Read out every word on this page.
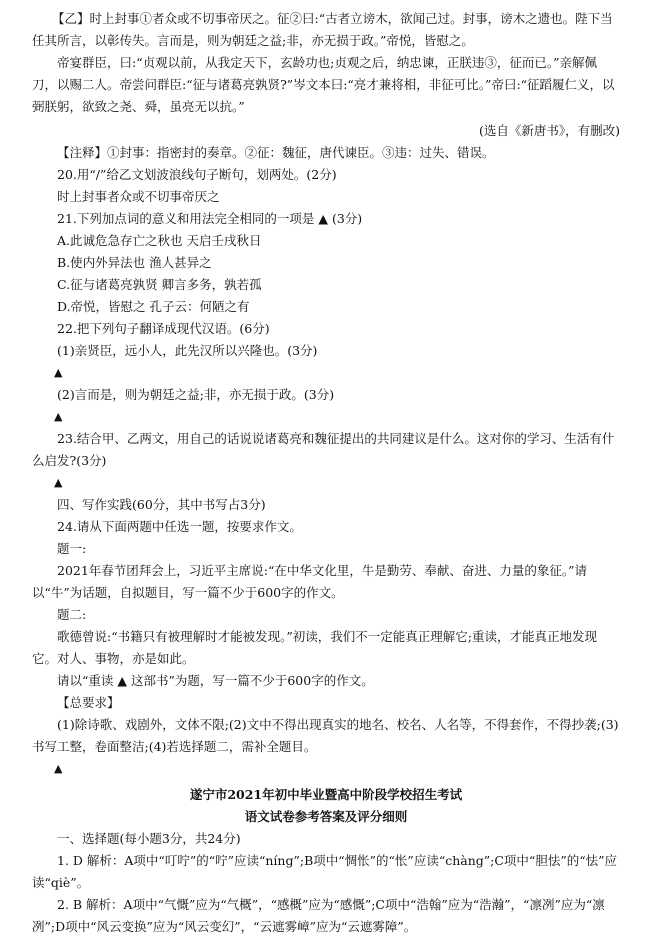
【乙】时上封事①者众或不切事帝厌之。征②曰:“古者立谤木，欲闻己过。封事，谤木之遗也。陛下当任其所言，以彰传失。言而是，则为朝廷之益;非，亦无损于政。”帝悦，皆慰之。

帝宴群臣，曰:“贞观以前，从我定天下，玄龄功也;贞观之后，纳忠谏，正朕违③，征而已。”亲解佩刀，以赐二人。帝尝问群臣:“征与诸葛亮孰贤?”岑文本曰:“亮才兼将相，非征可比。”帝曰:“征蹈履仁义，以弼朕躬，欲致之尧、舜，虽亮无以抗。”

(选自《新唐书》，有删改)

【注释】①封事：指密封的奏章。②征：魏征，唐代谏臣。③违：过失、错误。

20.用“/”给乙文划波浪线句子断句，划两处。(2分)

时上封事者众或不切事帝厌之

21.下列加点词的意义和用法完全相同的一项是 ▲ (3分)

A.此诚危急存亡之秋也 天启壬戌秋日

B.使内外异法也 渔人甚异之

C.征与诸葛亮孰贤 卿言多务，孰若孤

D.帝悦，皆慰之 孔子云：何陋之有

22.把下列句子翻译成现代汉语。(6分)

(1)亲贤臣，远小人，此先汉所以兴隆也。(3分)

▲

(2)言而是，则为朝廷之益;非，亦无损于政。(3分)

▲

23.结合甲、乙两文，用自己的话说说诸葛亮和魏征提出的共同建议是什么。这对你的学习、生活有什么启发?(3分)

▲

四、写作实践(60分，其中书写占3分)

24.请从下面两题中任选一题，按要求作文。

题一:

2021年春节团拜会上，习近平主席说:“在中华文化里，牛是勤劳、奉献、奋进、力量的象征。”请以“牛”为话题，自拟题目，写一篇不少于600字的作文。

题二:

歌德曾说:“书籍只有被理解时才能被发现。”初读，我们不一定能真正理解它;重读，才能真正地发现它。对人、事物，亦是如此。

请以“重读 ▲ 这部书”为题，写一篇不少于600字的作文。

【总要求】

(1)除诗歌、戏剧外，文体不限;(2)文中不得出现真实的地名、校名、人名等，不得套作，不得抄袭;(3)书写工整，卷面整洁;(4)若选择题二，需补全题目。

▲

遂宁市2021年初中毕业暨高中阶段学校招生考试

语文试卷参考答案及评分细则

一、选择题(每小题3分，共24分)

1. D 解析：A项中“叮咛”的“咛”应读“níng”;B项中“惆怅”的“怅”应读“chàng”;C项中“胆怯”的“怯”应读“qiè”。

2. B 解析：A项中“气慨”应为“气概”，“感概”应为“感慨”;C项中“浩翰”应为“浩瀚”，“凛冽”应为“凛冽”;D项中“风云变换”应为“风云变幻”，“云遮雾嶂”应为“云遮雾障”。
